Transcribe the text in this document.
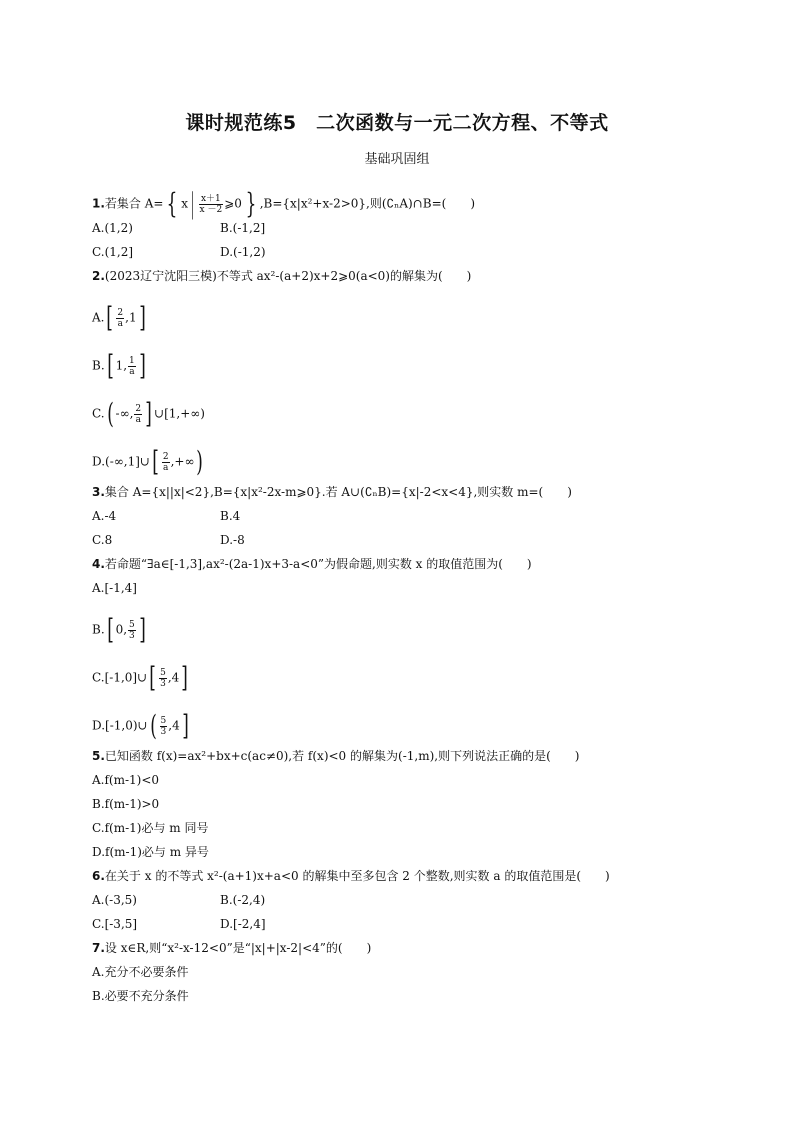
课时规范练5　二次函数与一元二次方程、不等式
基础巩固组
1.若集合 A= { x | $\frac{x+1}{x -2}$ ⩾0 } ,B={x|x²+x-2>0},则(∁ₙA)∩B=(　　)
A.(1,2)	B.(-1,2]
C.(1,2]	D.(-1,2)
2.(2023辽宁沈阳三模)不等式 ax²-(a+2)x+2⩾0(a<0)的解集为(　　)
$A.[ \frac{2}{a} ,1]$
B.[ 1, $\frac{1}{a}$ ]
C.( -∞, $\frac{2}{a}$ ] ∪[1,+∞)
D.(-∞,1]∪[ $\frac{2}{a}$ ,+∞)
3.集合 A={x||x|<2},B={x|x²-2x-m⩾0}.若 A∪(∁ₙB)={x|-2<x<4},则实数 m=(　　)
A.-4	B.4
C.8	D.-8
4.若命题“∃a∈[-1,3],ax²-(2a-1)x+3-a<0”为假命题,则实数 x 的取值范围为(　　)
A.[-1,4]
B.[ 0, $\frac{5}{3}$ ]
C.[-1,0]∪[ $\frac{5}{3} ,4$]
D.[-1,0)∪( $\frac{5}{3} ,4$]
5.已知函数 f(x)=ax²+bx+c(ac≠0),若 f(x)<0 的解集为(-1,m),则下列说法正确的是(　　)
A.f(m-1)<0
B.f(m-1)>0
C.f(m-1)必与 m 同号
D.f(m-1)必与 m 异号
6.在关于 x 的不等式 x²-(a+1)x+a<0 的解集中至多包含 2 个整数,则实数 a 的取值范围是(　　)
A.(-3,5)	B.(-2,4)
C.[-3,5]	D.[-2,4]
7.设 x∈R,则“x²-x-12<0”是“|x|+|x-2|<4”的(　　)
A.充分不必要条件
B.必要不充分条件
